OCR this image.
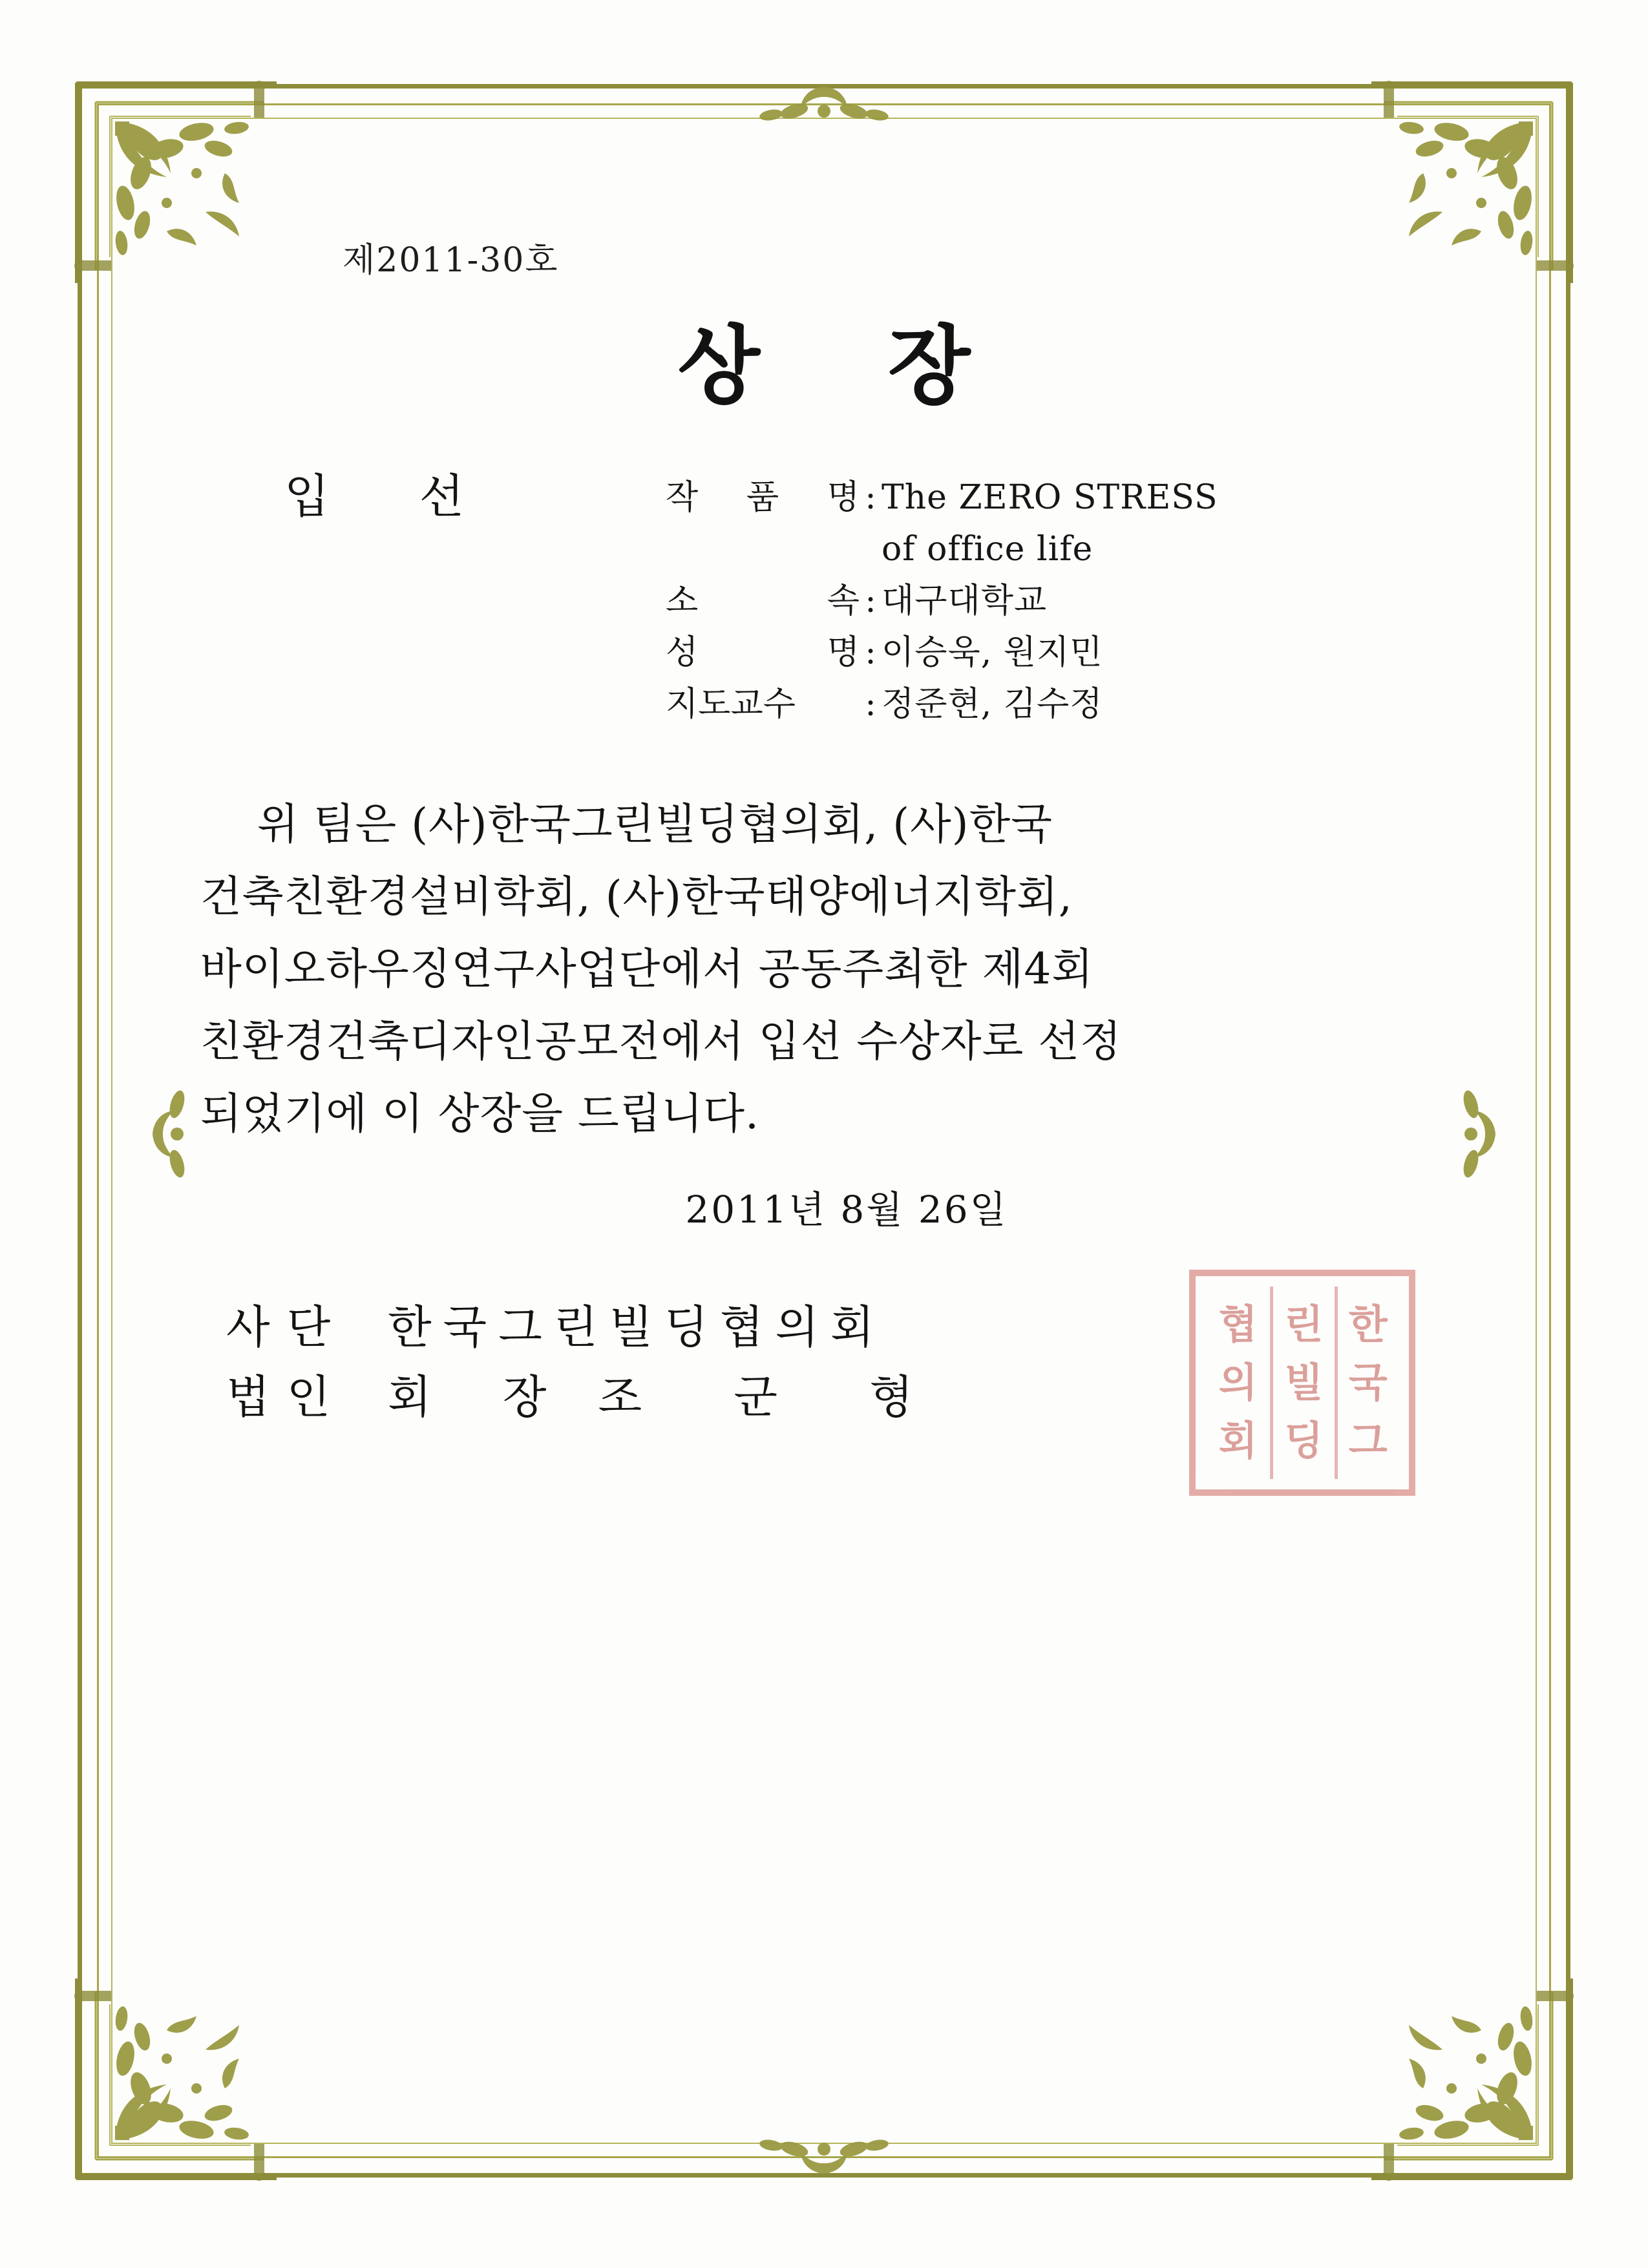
제2011-30호
상 장
입 선	작 품 명 : The ZERO STRESS
of office life
소	속 : 대구대학교
성	명 : 이승욱, 원지민
지도교수 : 정준현, 김수정

위 팀은 (사)한국그린빌딩협의회, (사)한국

건축친환경설비학회, (사)한국태양에너지학회,

바이오하우징연구사업단에서 공동주최한 제4회

친환경건축디자인공모전에서 입선 수상자로 선정

되었기에 이 상장을 드립니다.

2011년 8월 26일
사단 한국그린빌딩협의회
법인 회 장 조 군 형
협
의
회
린
빌
딩
한
국
그
